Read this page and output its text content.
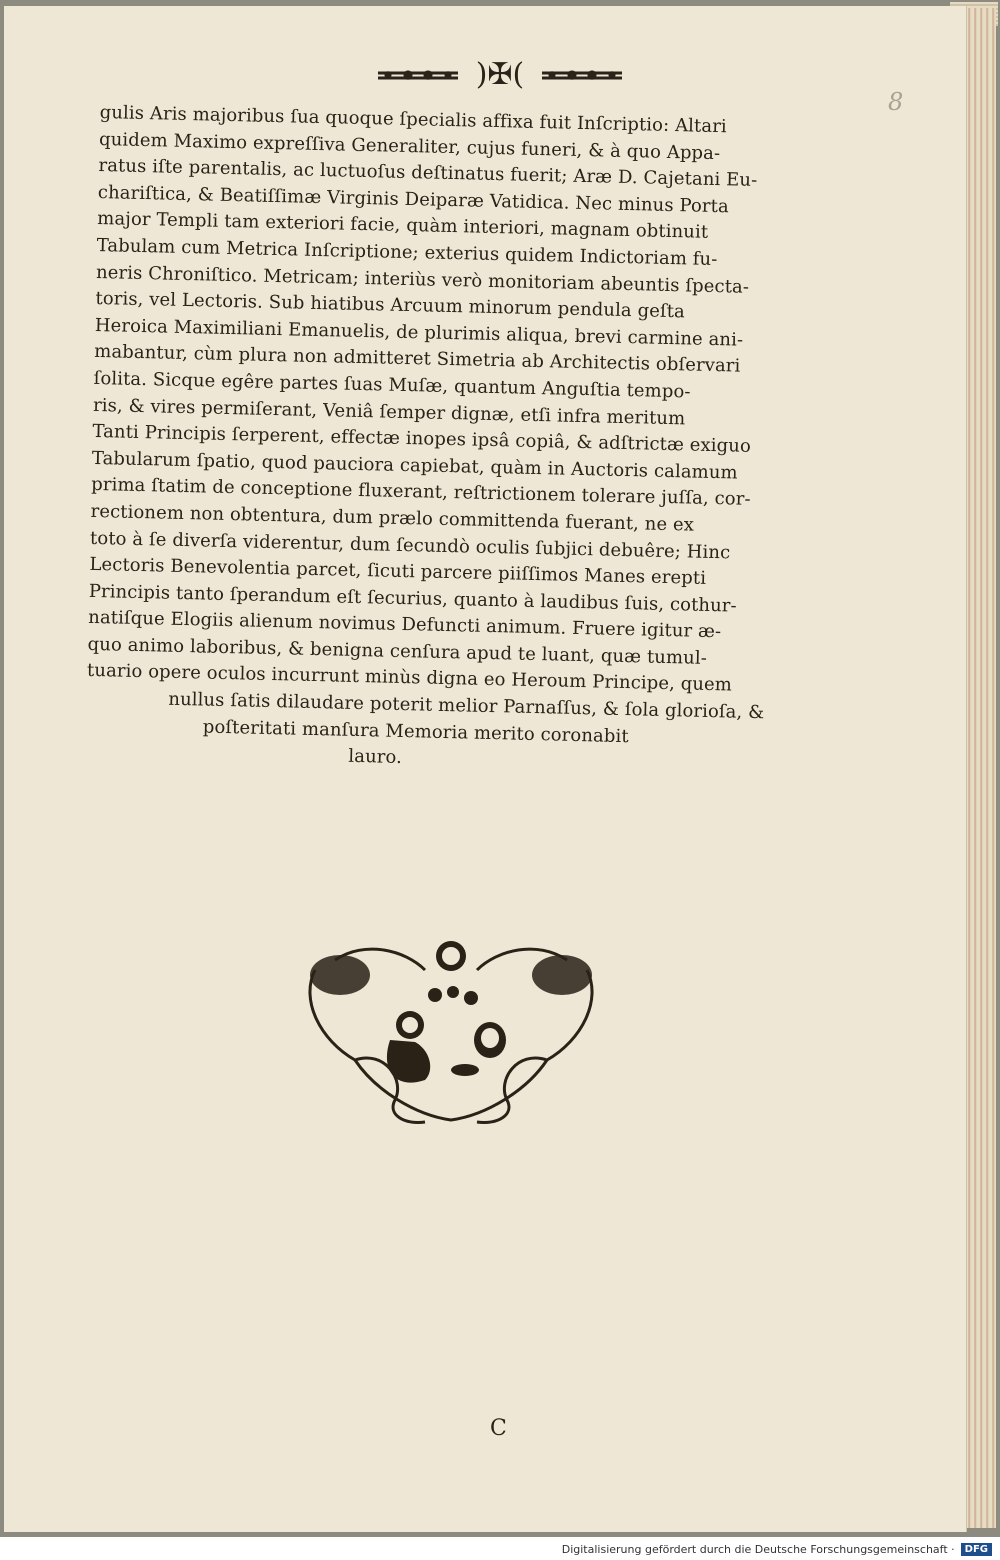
)✠(
8
gulis Aris majoribus ſua quoque ſpecialis affixa fuit Inſcriptio: Altari
quidem Maximo expreſſiva Generaliter, cujus funeri, & à quo Appa-
ratus iſte parentalis, ac luctuoſus deſtinatus fuerit; Aræ D. Cajetani Eu-
chariſtica, & Beatiſſimæ Virginis Deiparæ Vatidica. Nec minus Porta
major Templi tam exteriori facie, quàm interiori, magnam obtinuit
Tabulam cum Metrica Inſcriptione; exterius quidem Indictoriam fu-
neris Chroniſtico. Metricam; interiùs verò monitoriam abeuntis ſpecta-
toris, vel Lectoris. Sub hiatibus Arcuum minorum pendula geſta
Heroica Maximiliani Emanuelis, de plurimis aliqua, brevi carmine ani-
mabantur, cùm plura non admitteret Simetria ab Architectis obſervari
ſolita. Sicque egêre partes ſuas Muſæ, quantum Anguſtia tempo-
ris, & vires permiſerant, Veniâ ſemper dignæ, etſi infra meritum
Tanti Principis ſerperent, effectæ inopes ipsâ copiâ, & adſtrictæ exiguo
Tabularum ſpatio, quod pauciora capiebat, quàm in Auctoris calamum
prima ſtatim de conceptione fluxerant, reſtrictionem tolerare juſſa, cor-
rectionem non obtentura, dum prælo committenda fuerant, ne ex
toto à ſe diverſa viderentur, dum ſecundò oculis ſubjici debuêre; Hinc
Lectoris Benevolentia parcet, ſicuti parcere piiſſimos Manes erepti
Principis tanto ſperandum eſt ſecurius, quanto à laudibus ſuis, cothur-
natiſque Elogiis alienum novimus Defuncti animum. Fruere igitur æ-
quo animo laboribus, & benigna cenſura apud te luant, quæ tumul-
tuario opere oculos incurrunt minùs digna eo Heroum Principe, quem
nullus ſatis dilaudare poterit melior Parnaſſus, & ſola glorioſa, &
poſteritati manſura Memoria merito coronabit
lauro.
C
Digitalisierung gefördert durch die Deutsche Forschungsgemeinschaft ·	DFG
